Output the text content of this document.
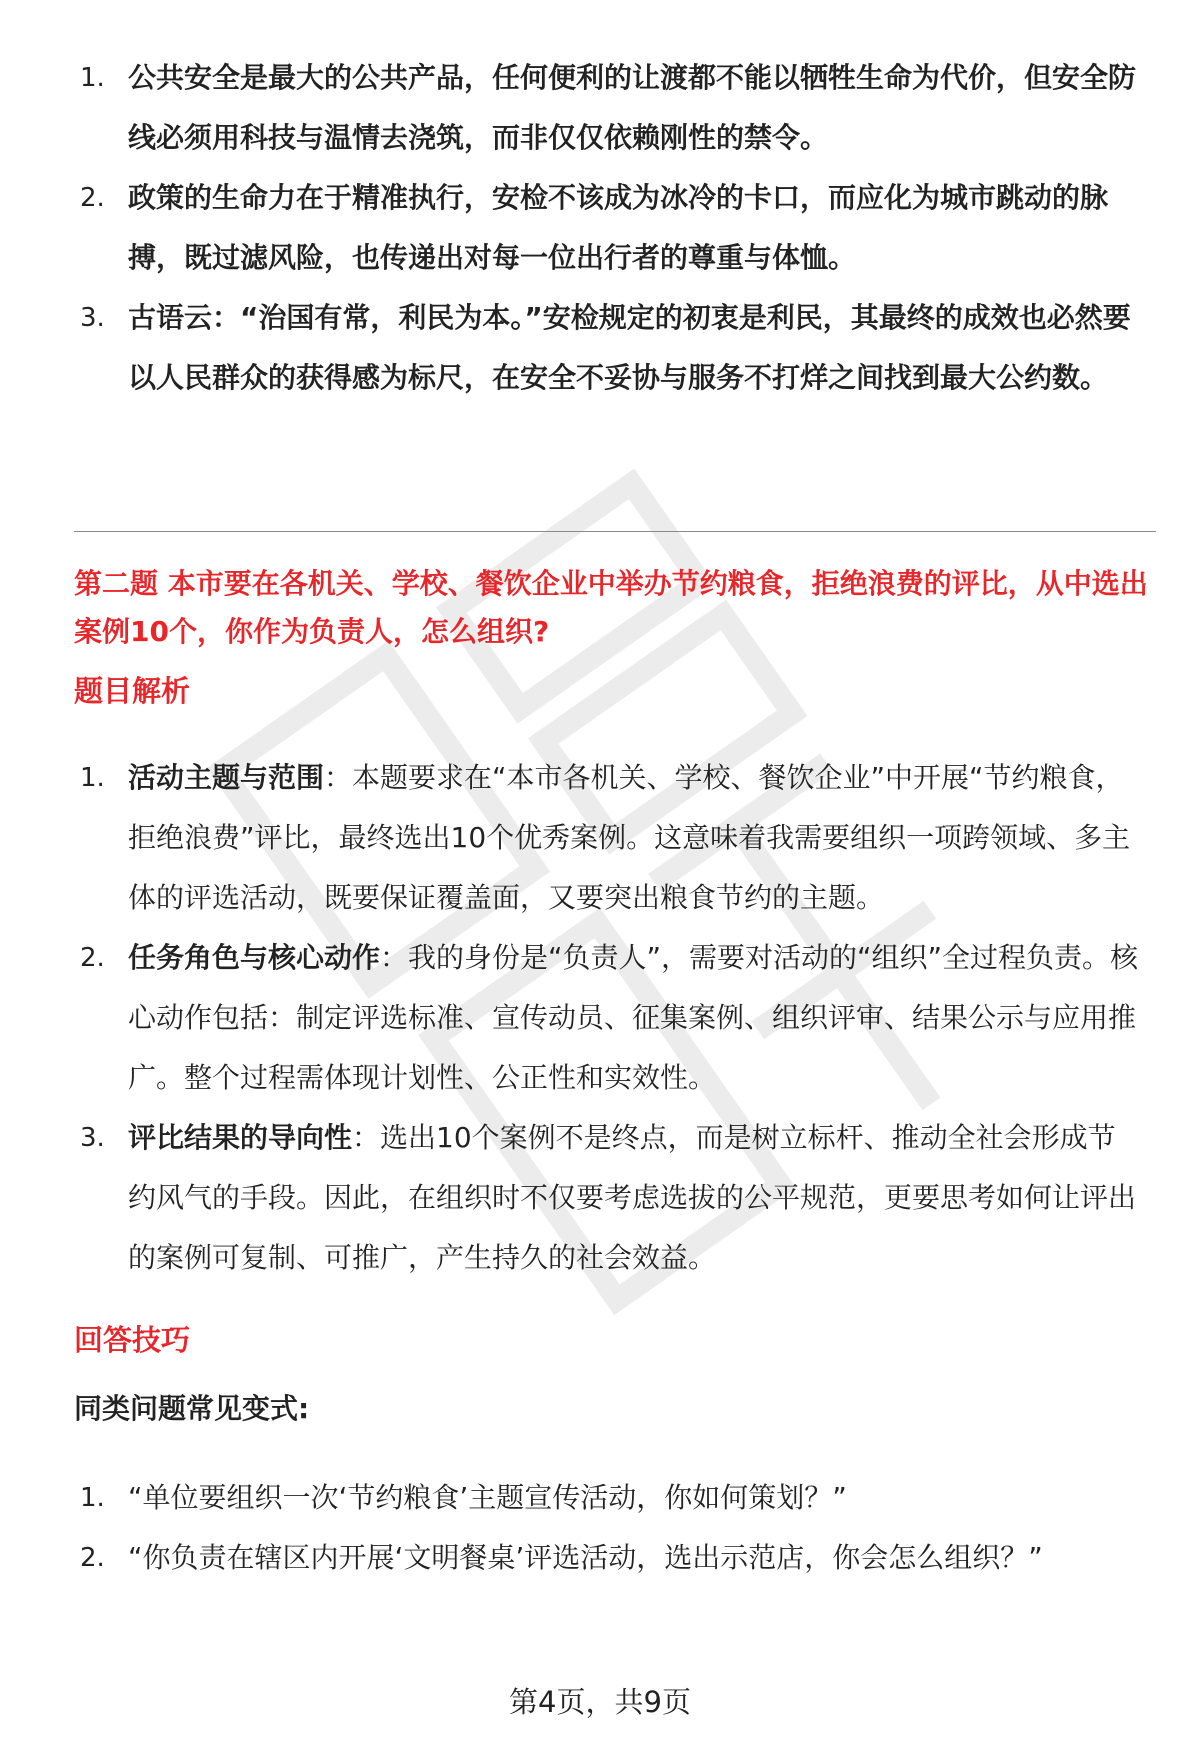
1. 公共安全是最大的公共产品，任何便利的让渡都不能以牺牲生命为代价，但安全防线必须用科技与温情去浇筑，而非仅仅依赖刚性的禁令。
2. 政策的生命力在于精准执行，安检不该成为冰冷的卡口，而应化为城市跳动的脉搏，既过滤风险，也传递出对每一位出行者的尊重与体恤。
3. 古语云：“治国有常，利民为本。”安检规定的初衷是利民，其最终的成效也必然要以人民群众的获得感为标尺，在安全不妥协与服务不打烊之间找到最大公约数。
第二题 本市要在各机关、学校、餐饮企业中举办节约粮食，拒绝浪费的评比，从中选出案例10个，你作为负责人，怎么组织?
题目解析
1. 活动主题与范围：本题要求在“本市各机关、学校、餐饮企业”中开展“节约粮食，拒绝浪费”评比，最终选出10个优秀案例。这意味着我需要组织一项跨领域、多主体的评选活动，既要保证覆盖面，又要突出粮食节约的主题。
2. 任务角色与核心动作：我的身份是“负责人”，需要对活动的“组织”全过程负责。核心动作包括：制定评选标准、宣传动员、征集案例、组织评审、结果公示与应用推广。整个过程需体现计划性、公正性和实效性。
3. 评比结果的导向性：选出10个案例不是终点，而是树立标杆、推动全社会形成节约风气的手段。因此，在组织时不仅要考虑选拔的公平规范，更要思考如何让评出的案例可复制、可推广，产生持久的社会效益。
回答技巧
同类问题常见变式:
1. “单位要组织一次‘节约粮食’主题宣传活动，你如何策划？”
2. “你负责在辖区内开展‘文明餐桌’评选活动，选出示范店，你会怎么组织？”
第4页，共9页
